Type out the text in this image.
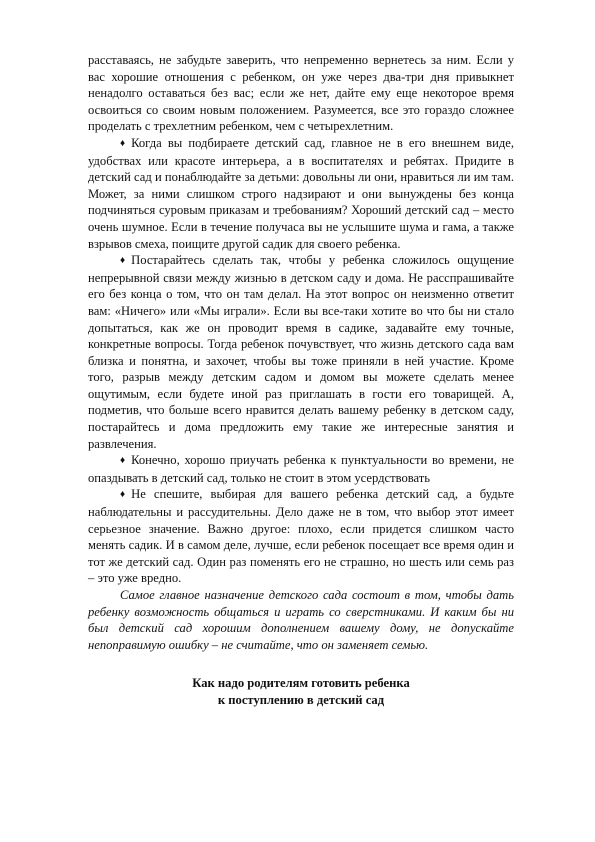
расставаясь, не забудьте заверить, что непременно вернетесь за ним. Если у вас хорошие отношения с ребенком, он уже через два-три дня привыкнет ненадолго оставаться без вас; если же нет, дайте ему еще некоторое время освоиться со своим новым положением. Разумеется, все это гораздо сложнее проделать с трехлетним ребенком, чем с четырехлетним.

♦ Когда вы подбираете детский сад, главное не в его внешнем виде, удобствах или красоте интерьера, а в воспитателях и ребятах. Придите в детский сад и понаблюдайте за детьми: довольны ли они, нравиться ли им там. Может, за ними слишком строго надзирают и они вынуждены без конца подчиняться суровым приказам и требованиям? Хороший детский сад – место очень шумное. Если в течение получаса вы не услышите шума и гама, а также взрывов смеха, поищите другой садик для своего ребенка.

♦ Постарайтесь сделать так, чтобы у ребенка сложилось ощущение непрерывной связи между жизнью в детском саду и дома. Не расспрашивайте его без конца о том, что он там делал. На этот вопрос он неизменно ответит вам: «Ничего» или «Мы играли». Если вы все-таки хотите во что бы ни стало допытаться, как же он проводит время в садике, задавайте ему точные, конкретные вопросы. Тогда ребенок почувствует, что жизнь детского сада вам близка и понятна, и захочет, чтобы вы тоже приняли в ней участие. Кроме того, разрыв между детским садом и домом вы можете сделать менее ощутимым, если будете иной раз приглашать в гости его товарищей. А, подметив, что больше всего нравится делать вашему ребенку в детском саду, постарайтесь и дома предложить ему такие же интересные занятия и развлечения.

♦ Конечно, хорошо приучать ребенка к пунктуальности во времени, не опаздывать в детский сад, только не стоит в этом усердствовать

♦ Не спешите, выбирая для вашего ребенка детский сад, а будьте наблюдательны и рассудительны. Дело даже не в том, что выбор этот имеет серьезное значение. Важно другое: плохо, если придется слишком часто менять садик. И в самом деле, лучше, если ребенок посещает все время один и тот же детский сад. Один раз поменять его не страшно, но шесть или семь раз – это уже вредно.

Самое главное назначение детского сада состоит в том, чтобы дать ребенку возможность общаться и играть со сверстниками. И каким бы ни был детский сад хорошим дополнением вашему дому, не допускайте непоправимую ошибку – не считайте, что он заменяет семью.

Как надо родителям готовить ребенка
к поступлению в детский сад
